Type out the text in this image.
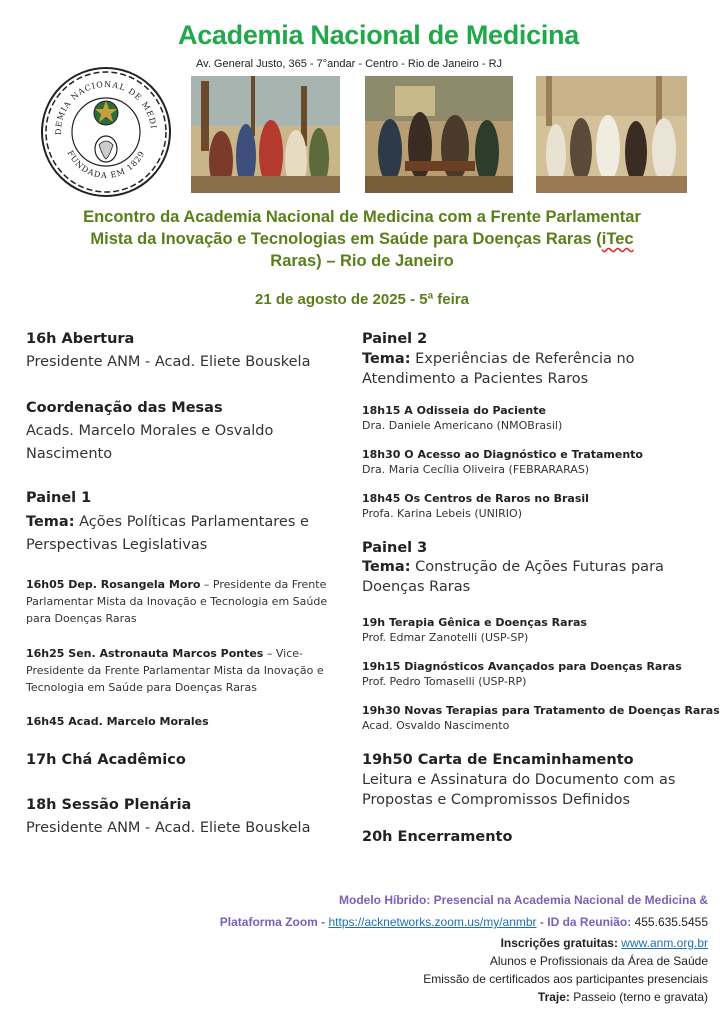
Academia Nacional de Medicina
Av. General Justo, 365 - 7°andar - Centro - Rio de Janeiro - RJ
DEMIA NACIONAL DE MEDI
FUNDADA EM 1829
Encontro da Academia Nacional de Medicina com a Frente Parlamentar
Mista da Inovação e Tecnologias em Saúde para Doenças Raras (iTec
Raras) – Rio de Janeiro
21 de agosto de 2025 - 5ª feira
16h Abertura
Presidente ANM - Acad. Eliete Bouskela
Coordenação das Mesas
Acads. Marcelo Morales e Osvaldo
Nascimento
Painel 1
Tema: Ações Políticas Parlamentares e
Perspectivas Legislativas
16h05 Dep. Rosangela Moro – Presidente da Frente
Parlamentar Mista da Inovação e Tecnologia em Saúde
para Doenças Raras
16h25 Sen. Astronauta Marcos Pontes – Vice-
Presidente da Frente Parlamentar Mista da Inovação e
Tecnologia em Saúde para Doenças Raras
16h45 Acad. Marcelo Morales
17h Chá Acadêmico
18h Sessão Plenária
Presidente ANM - Acad. Eliete Bouskela
Painel 2
Tema: Experiências de Referência no
Atendimento a Pacientes Raros
18h15 A Odisseia do Paciente
Dra. Daniele Americano (NMOBrasil)
18h30 O Acesso ao Diagnóstico e Tratamento
Dra. Maria Cecília Oliveira (FEBRARARAS)
18h45 Os Centros de Raros no Brasil
Profa. Karina Lebeis (UNIRIO)
Painel 3
Tema: Construção de Ações Futuras para
Doenças Raras
19h Terapia Gênica e Doenças Raras
Prof. Edmar Zanotelli (USP-SP)
19h15 Diagnósticos Avançados para Doenças Raras
Prof. Pedro Tomaselli (USP-RP)
19h30 Novas Terapias para Tratamento de Doenças Raras
Acad. Osvaldo Nascimento
19h50 Carta de Encaminhamento
Leitura e Assinatura do Documento com as
Propostas e Compromissos Definidos
20h Encerramento
Modelo Híbrido: Presencial na Academia Nacional de Medicina &
Plataforma Zoom - https://acknetworks.zoom.us/my/anmbr - ID da Reunião: 455.635.5455
Inscrições gratuitas: www.anm.org.br
Alunos e Profissionais da Área de Saúde
Emissão de certificados aos participantes presenciais
Traje: Passeio (terno e gravata)
